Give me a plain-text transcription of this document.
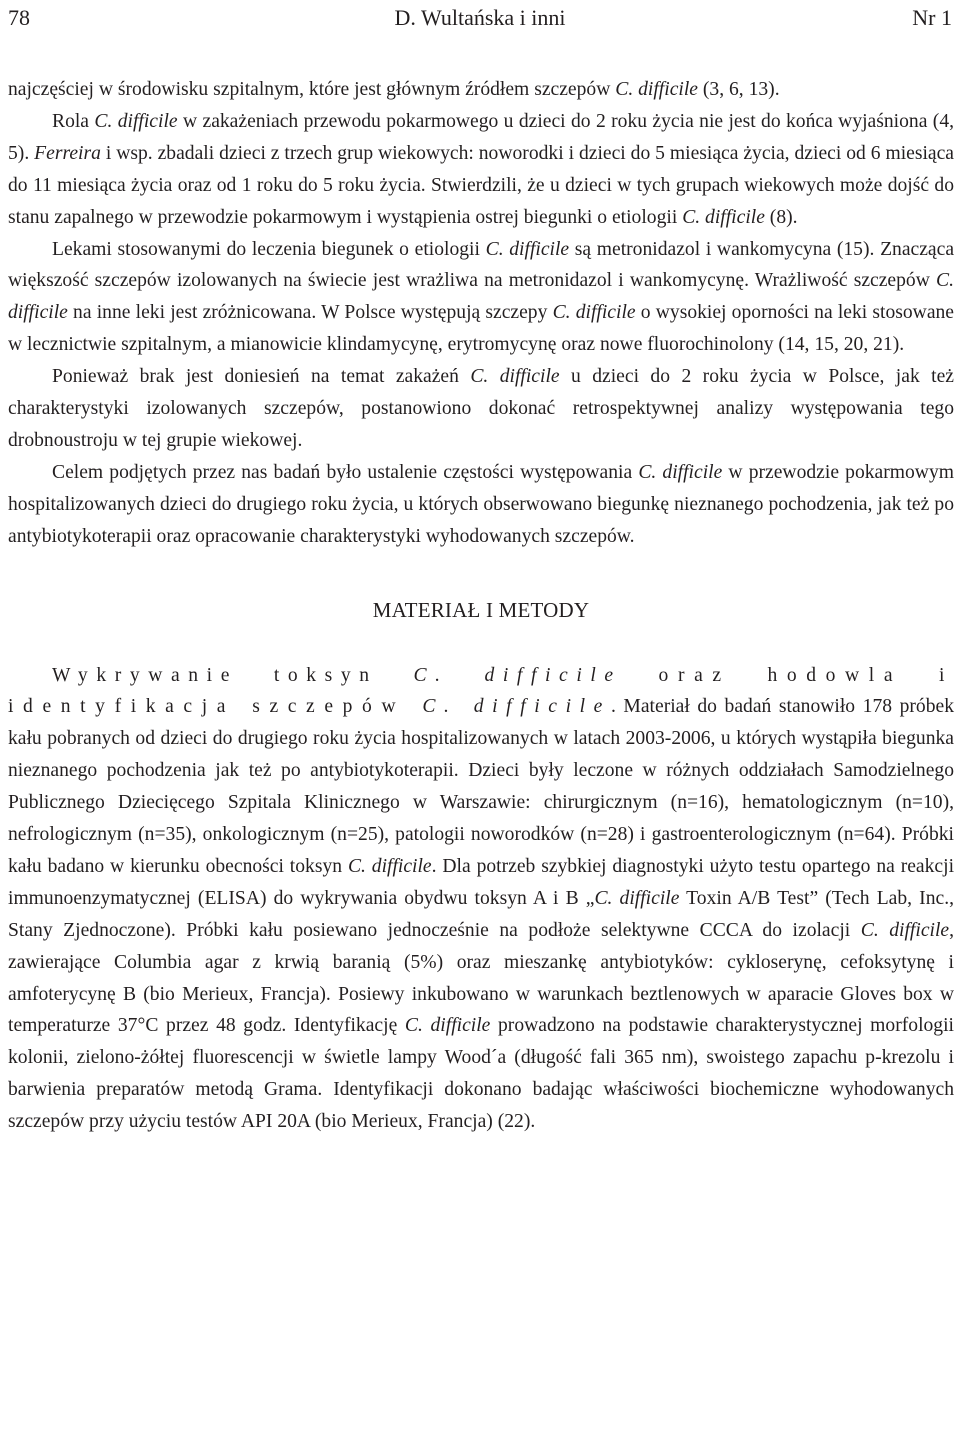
78	D. Wultańska i inni	Nr 1

najczęściej w środowisku szpitalnym, które jest głównym źródłem szczepów C. difficile (3, 6, 13).

Rola C. difficile w zakażeniach przewodu pokarmowego u dzieci do 2 roku życia nie jest do końca wyjaśniona (4, 5). Ferreira i wsp. zbadali dzieci z trzech grup wiekowych: noworodki i dzieci do 5 miesiąca życia, dzieci od 6 miesiąca do 11 miesiąca życia oraz od 1 roku do 5 roku życia. Stwierdzili, że u dzieci w tych grupach wiekowych może dojść do stanu zapalnego w przewodzie pokarmowym i wystąpienia ostrej biegunki o etiologii C. difficile (8).

Lekami stosowanymi do leczenia biegunek o etiologii C. difficile są metronidazol i wankomycyna (15). Znacząca większość szczepów izolowanych na świecie jest wrażliwa na metronidazol i wankomycynę. Wrażliwość szczepów C. difficile na inne leki jest zróżnicowana. W Polsce występują szczepy C. difficile o wysokiej oporności na leki stosowane w lecznictwie szpitalnym, a mianowicie klindamycynę, erytromycynę oraz nowe fluorochinolony (14, 15, 20, 21).

Ponieważ brak jest doniesień na temat zakażeń C. difficile u dzieci do 2 roku życia w Polsce, jak też charakterystyki izolowanych szczepów, postanowiono dokonać retrospektywnej analizy występowania tego drobnoustroju w tej grupie wiekowej.

Celem podjętych przez nas badań było ustalenie częstości występowania C. difficile w przewodzie pokarmowym hospitalizowanych dzieci do drugiego roku życia, u których obserwowano biegunkę nieznanego pochodzenia, jak też po antybiotykoterapii oraz opracowanie charakterystyki wyhodowanych szczepów.

MATERIAŁ I METODY

Wykrywanie toksyn C. difficile oraz hodowla i identyfikacja szczepów C. difficile. Materiał do badań stanowiło 178 próbek kału pobranych od dzieci do drugiego roku życia hospitalizowanych w latach 2003-2006, u których wystąpiła biegunka nieznanego pochodzenia jak też po antybiotykoterapii. Dzieci były leczone w różnych oddziałach Samodzielnego Publicznego Dziecięcego Szpitala Klinicznego w Warszawie: chirurgicznym (n=16), hematologicznym (n=10), nefrologicznym (n=35), onkologicznym (n=25), patologii noworodków (n=28) i gastroenterologicznym (n=64). Próbki kału badano w kierunku obecności toksyn C. difficile. Dla potrzeb szybkiej diagnostyki użyto testu opartego na reakcji immunoenzymatycznej (ELISA) do wykrywania obydwu toksyn A i B „C. difficile Toxin A/B Test” (Tech Lab, Inc., Stany Zjednoczone). Próbki kału posiewano jednocześnie na podłoże selektywne CCCA do izolacji C. difficile, zawierające Columbia agar z krwią baranią (5%) oraz mieszankę antybiotyków: cykloserynę, cefoksytynę i amfoterycynę B (bio Merieux, Francja). Posiewy inkubowano w warunkach beztlenowych w aparacie Gloves box w temperaturze 37°C przez 48 godz. Identyfikację C. difficile prowadzono na podstawie charakterystycznej morfologii kolonii, zielono-żółtej fluorescencji w świetle lampy Wood´a (długość fali 365 nm), swoistego zapachu p-krezolu i barwienia preparatów metodą Grama. Identyfikacji dokonano badając właściwości biochemiczne wyhodowanych szczepów przy użyciu testów API 20A (bio Merieux, Francja) (22).
